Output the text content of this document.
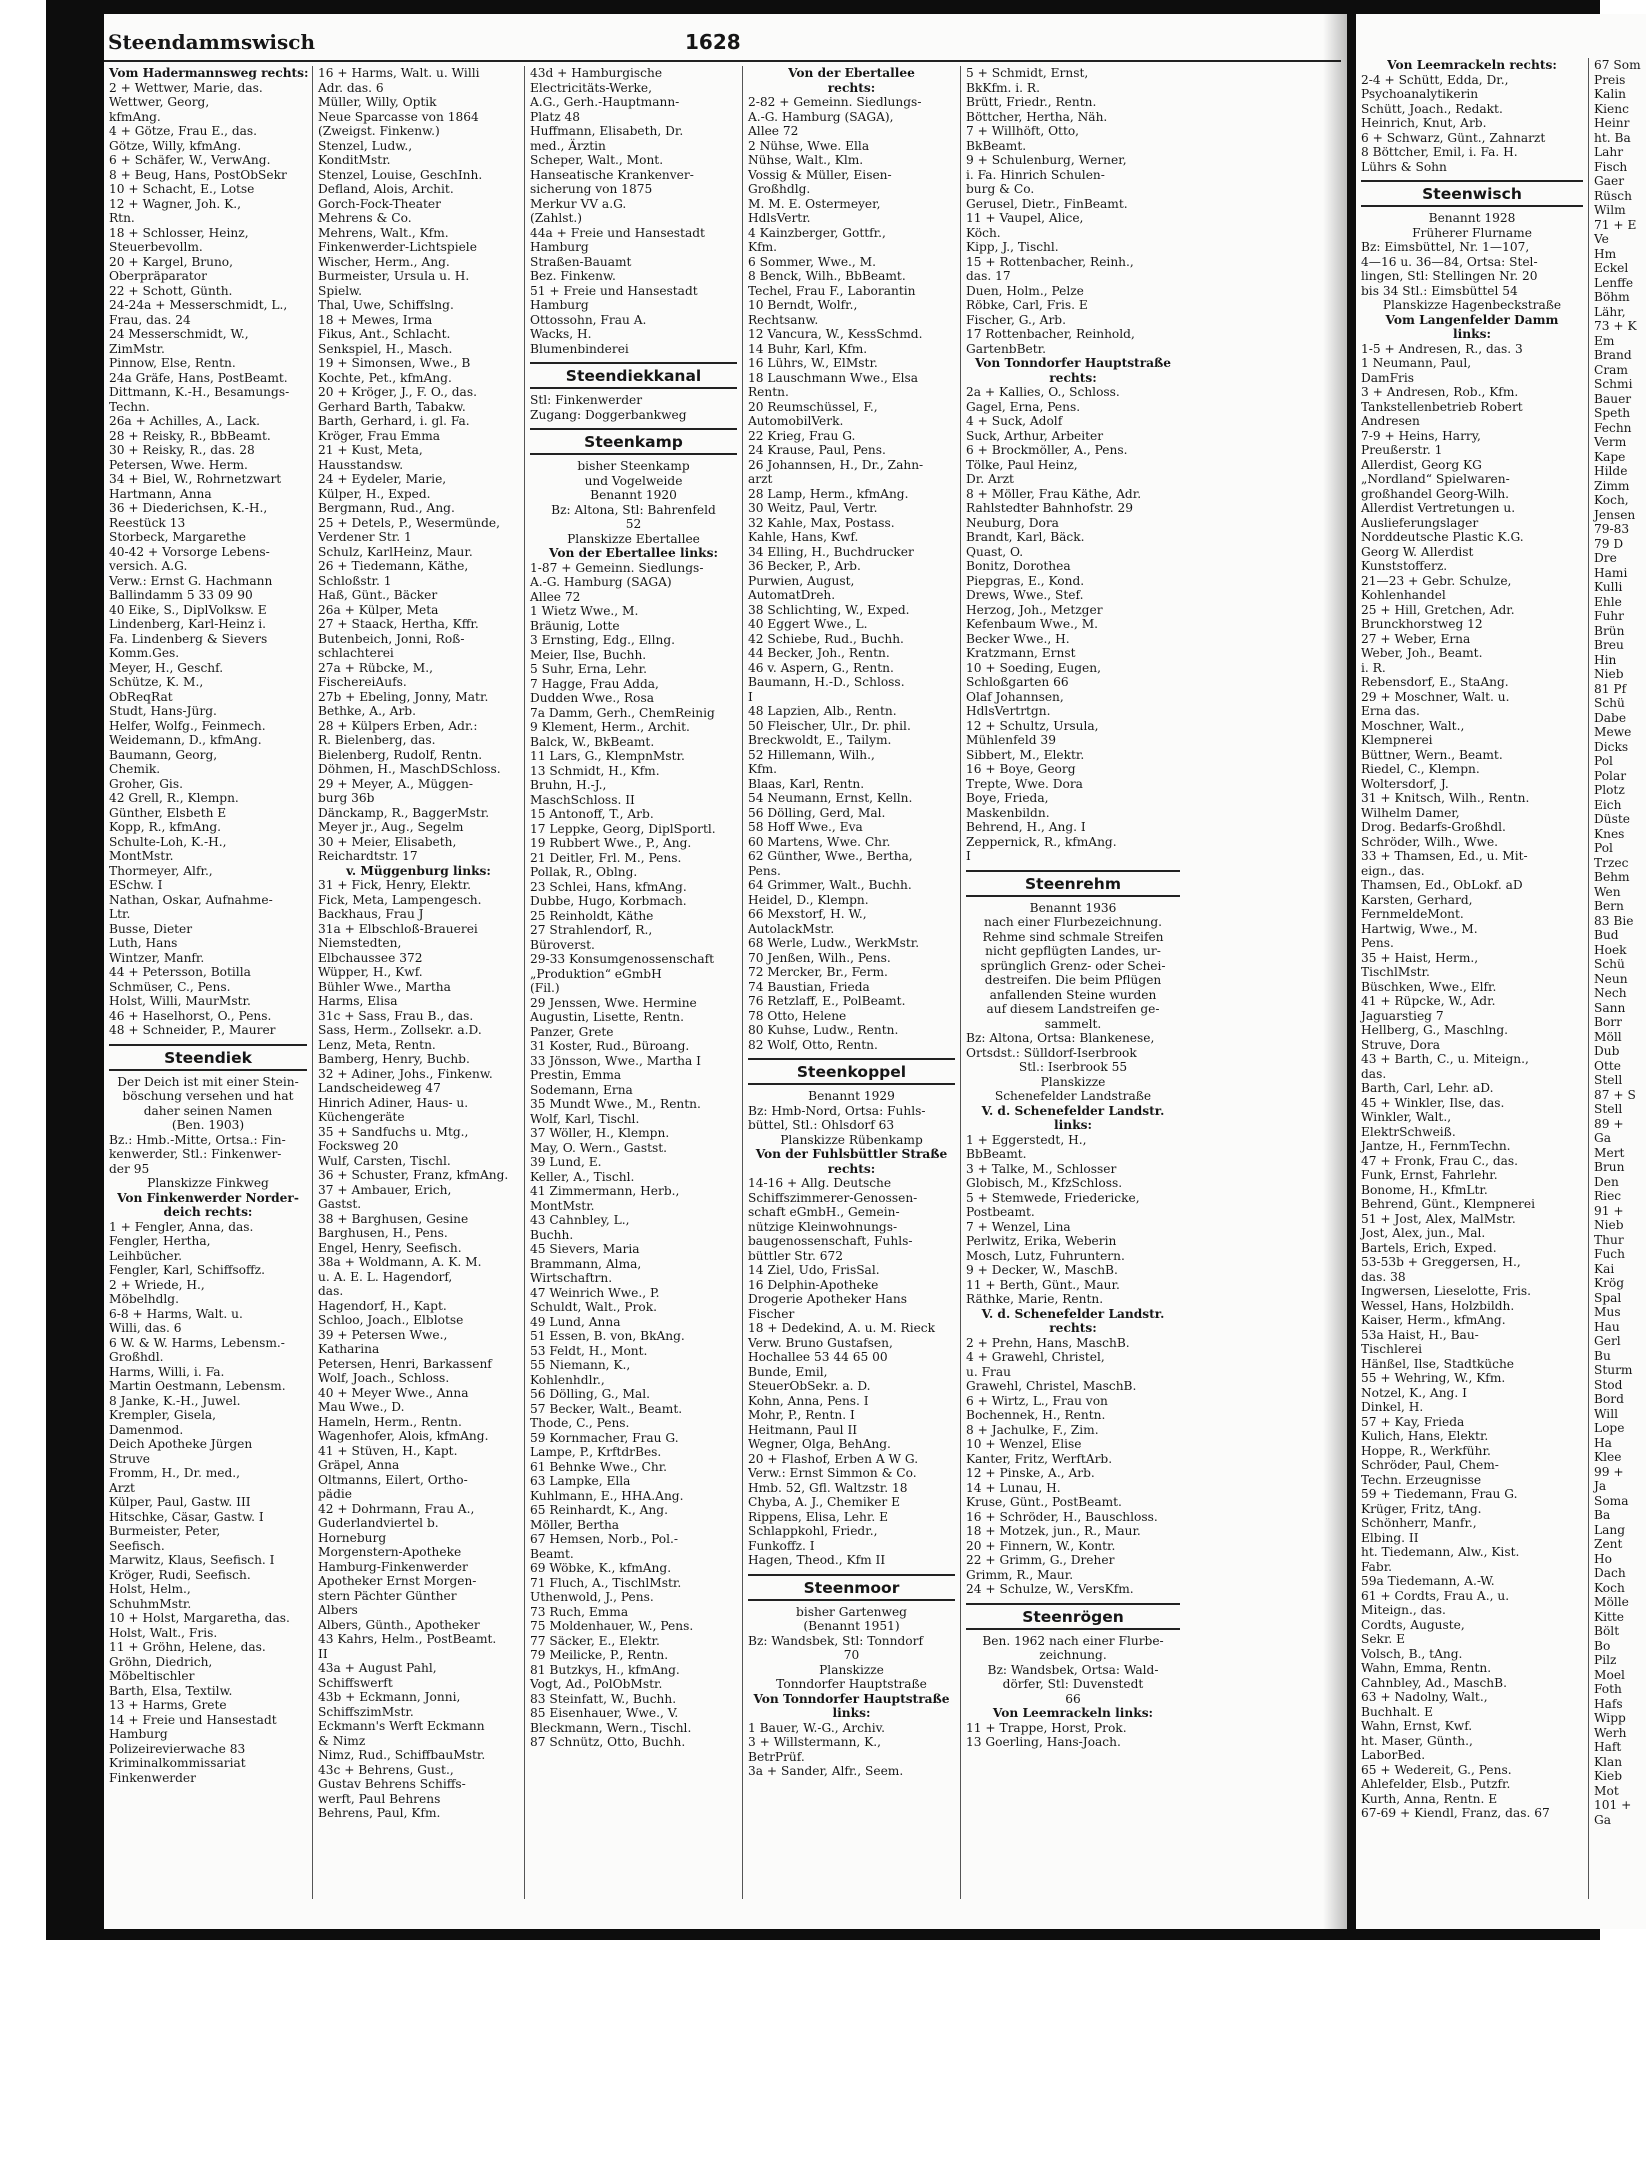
Steendammswisch	1628
Vom Hadermannsweg rechts:
2 + Wettwer, Marie, das.
Wettwer, Georg,
kfmAng.
4 + Götze, Frau E., das.
Götze, Willy, kfmAng.
6 + Schäfer, W., VerwAng.
8 + Beug, Hans, PostObSekr
10 + Schacht, E., Lotse
12 + Wagner, Joh. K.,
Rtn.
18 + Schlosser, Heinz,
Steuerbevollm.
20 + Kargel, Bruno,
Oberpräparator
22 + Schott, Günth.
24-24a + Messerschmidt, L.,
Frau, das. 24
24 Messerschmidt, W.,
ZimMstr.
Pinnow, Else, Rentn.
24a Gräfe, Hans, PostBeamt.
Dittmann, K.-H., Besamungs-
Techn.
26a + Achilles, A., Lack.
28 + Reisky, R., BbBeamt.
30 + Reisky, R., das. 28
Petersen, Wwe. Herm.
34 + Biel, W., Rohrnetzwart
Hartmann, Anna
36 + Diederichsen, K.-H.,
Reestück 13
Storbeck, Margarethe
40-42 + Vorsorge Lebens-
versich. A.G.
Verw.: Ernst G. Hachmann
Ballindamm 5 33 09 90
40 Eike, S., DiplVolksw. E
Lindenberg, Karl-Heinz i.
Fa. Lindenberg & Sievers
Komm.Ges.
Meyer, H., Geschf.
Schütze, K. M.,
ObReqRat
Studt, Hans-Jürg.
Helfer, Wolfg., Feinmech.
Weidemann, D., kfmAng.
Baumann, Georg,
Chemik.
Groher, Gis.
42 Grell, R., Klempn.
Günther, Elsbeth E
Kopp, R., kfmAng.
Schulte-Loh, K.-H.,
MontMstr.
Thormeyer, Alfr.,
ESchw. I
Nathan, Oskar, Aufnahme-
Ltr.
Busse, Dieter
Luth, Hans
Wintzer, Manfr.
44 + Petersson, Botilla
Schmüser, C., Pens.
Holst, Willi, MaurMstr.
46 + Haselhorst, O., Pens.
48 + Schneider, P., Maurer
Steendiek
Der Deich ist mit einer Stein-
böschung versehen und hat
daher seinen Namen
(Ben. 1903)
Bz.: Hmb.-Mitte, Ortsa.: Fin-
kenwerder, Stl.: Finkenwer-
der 95
Planskizze Finkweg
Von Finkenwerder Norder-
deich rechts:
1 + Fengler, Anna, das.
Fengler, Hertha,
Leihbücher.
Fengler, Karl, Schiffsoffz.
2 + Wriede, H.,
Möbelhdlg.
6-8 + Harms, Walt. u.
Willi, das. 6
6 W. & W. Harms, Lebensm.-
Großhdl.
Harms, Willi, i. Fa.
Martin Oestmann, Lebensm.
8 Janke, K.-H., Juwel.
Krempler, Gisela,
Damenmod.
Deich Apotheke Jürgen
Struve
Fromm, H., Dr. med.,
Arzt
Külper, Paul, Gastw. III
Hitschke, Cäsar, Gastw. I
Burmeister, Peter,
Seefisch.
Marwitz, Klaus, Seefisch. I
Kröger, Rudi, Seefisch.
Holst, Helm.,
SchuhmMstr.
10 + Holst, Margaretha, das.
Holst, Walt., Fris.
11 + Gröhn, Helene, das.
Gröhn, Diedrich,
Möbeltischler
Barth, Elsa, Textilw.
13 + Harms, Grete
14 + Freie und Hansestadt
Hamburg
Polizeirevierwache 83
Kriminalkommissariat
Finkenwerder
16 + Harms, Walt. u. Willi
Adr. das. 6
Müller, Willy, Optik
Neue Sparcasse von 1864
(Zweigst. Finkenw.)
Stenzel, Ludw.,
KonditMstr.
Stenzel, Louise, GeschInh.
Defland, Alois, Archit.
Gorch-Fock-Theater
Mehrens & Co.
Mehrens, Walt., Kfm.
Finkenwerder-Lichtspiele
Wischer, Herm., Ang.
Burmeister, Ursula u. H.
Spielw.
Thal, Uwe, Schiffslng.
18 + Mewes, Irma
Fikus, Ant., Schlacht.
Senkspiel, H., Masch.
19 + Simonsen, Wwe., B
Kochte, Pet., kfmAng.
20 + Kröger, J., F. O., das.
Gerhard Barth, Tabakw.
Barth, Gerhard, i. gl. Fa.
Kröger, Frau Emma
21 + Kust, Meta,
Hausstandsw.
24 + Eydeler, Marie,
Külper, H., Exped.
Bergmann, Rud., Ang.
25 + Detels, P., Wesermünde,
Verdener Str. 1
Schulz, KarlHeinz, Maur.
26 + Tiedemann, Käthe,
Schloßstr. 1
Haß, Günt., Bäcker
26a + Külper, Meta
27 + Staack, Hertha, Kffr.
Butenbeich, Jonni, Roß-
schlachterei
27a + Rübcke, M.,
FischereiAufs.
27b + Ebeling, Jonny, Matr.
Bethke, A., Arb.
28 + Külpers Erben, Adr.:
R. Bielenberg, das.
Bielenberg, Rudolf, Rentn.
Döhmen, H., MaschDSchloss.
29 + Meyer, A., Müggen-
burg 36b
Dänckamp, R., BaggerMstr.
Meyer jr., Aug., Segelm
30 + Meier, Elisabeth,
Reichardtstr. 17
v. Müggenburg links:
31 + Fick, Henry, Elektr.
Fick, Meta, Lampengesch.
Backhaus, Frau J
31a + Elbschloß-Brauerei
Niemstedten,
Elbchaussee 372
Wüpper, H., Kwf.
Bühler Wwe., Martha
Harms, Elisa
31c + Sass, Frau B., das.
Sass, Herm., Zollsekr. a.D.
Lenz, Meta, Rentn.
Bamberg, Henry, Buchb.
32 + Adiner, Johs., Finkenw.
Landscheideweg 47
Hinrich Adiner, Haus- u.
Küchengeräte
35 + Sandfuchs u. Mtg.,
Focksweg 20
Wulf, Carsten, Tischl.
36 + Schuster, Franz, kfmAng.
37 + Ambauer, Erich,
Gastst.
38 + Barghusen, Gesine
Barghusen, H., Pens.
Engel, Henry, Seefisch.
38a + Woldmann, A. K. M.
u. A. E. L. Hagendorf,
das.
Hagendorf, H., Kapt.
Schloo, Joach., Elblotse
39 + Petersen Wwe.,
Katharina
Petersen, Henri, Barkassenf
Wolf, Joach., Schloss.
40 + Meyer Wwe., Anna
Mau Wwe., D.
Hameln, Herm., Rentn.
Wagenhofer, Alois, kfmAng.
41 + Stüven, H., Kapt.
Gräpel, Anna
Oltmanns, Eilert, Ortho-
pädie
42 + Dohrmann, Frau A.,
Guderlandviertel b.
Horneburg
Morgenstern-Apotheke
Hamburg-Finkenwerder
Apotheker Ernst Morgen-
stern Pächter Günther
Albers
Albers, Günth., Apotheker
43 Kahrs, Helm., PostBeamt.
II
43a + August Pahl,
Schiffswerft
43b + Eckmann, Jonni,
SchiffszimMstr.
Eckmann's Werft Eckmann
& Nimz
Nimz, Rud., SchiffbauMstr.
43c + Behrens, Gust.,
Gustav Behrens Schiffs-
werft, Paul Behrens
Behrens, Paul, Kfm.
43d + Hamburgische
Electricitäts-Werke,
A.G., Gerh.-Hauptmann-
Platz 48
Huffmann, Elisabeth, Dr.
med., Ärztin
Scheper, Walt., Mont.
Hanseatische Krankenver-
sicherung von 1875
Merkur VV a.G.
(Zahlst.)
44a + Freie und Hansestadt
Hamburg
Straßen-Bauamt
Bez. Finkenw.
51 + Freie und Hansestadt
Hamburg
Ottossohn, Frau A.
Wacks, H.
Blumenbinderei
Steendiekkanal
Stl: Finkenwerder
Zugang: Doggerbankweg
Steenkamp
bisher Steenkamp
und Vogelweide
Benannt 1920
Bz: Altona, Stl: Bahrenfeld
52
Planskizze Ebertallee
Von der Ebertallee links:
1-87 + Gemeinn. Siedlungs-
A.-G. Hamburg (SAGA)
Allee 72
1 Wietz Wwe., M.
Bräunig, Lotte
3 Ernsting, Edg., Ellng.
Meier, Ilse, Buchh.
5 Suhr, Erna, Lehr.
7 Hagge, Frau Adda,
Dudden Wwe., Rosa
7a Damm, Gerh., ChemReinig
9 Klement, Herm., Archit.
Balck, W., BkBeamt.
11 Lars, G., KlempnMstr.
13 Schmidt, H., Kfm.
Bruhn, H.-J.,
MaschSchloss. II
15 Antonoff, T., Arb.
17 Leppke, Georg, DiplSportl.
19 Rubbert Wwe., P., Ang.
21 Deitler, Frl. M., Pens.
Pollak, R., Oblng.
23 Schlei, Hans, kfmAng.
Dubbe, Hugo, Korbmach.
25 Reinholdt, Käthe
27 Strahlendorf, R.,
Büroverst.
29-33 Konsumgenossenschaft
„Produktion“ eGmbH
(Fil.)
29 Jenssen, Wwe. Hermine
Augustin, Lisette, Rentn.
Panzer, Grete
31 Koster, Rud., Büroang.
33 Jönsson, Wwe., Martha I
Prestin, Emma
Sodemann, Erna
35 Mundt Wwe., M., Rentn.
Wolf, Karl, Tischl.
37 Wöller, H., Klempn.
May, O. Wern., Gastst.
39 Lund, E.
Keller, A., Tischl.
41 Zimmermann, Herb.,
MontMstr.
43 Cahnbley, L.,
Buchh.
45 Sievers, Maria
Brammann, Alma,
Wirtschaftrn.
47 Weinrich Wwe., P.
Schuldt, Walt., Prok.
49 Lund, Anna
51 Essen, B. von, BkAng.
53 Feldt, H., Mont.
55 Niemann, K.,
Kohlenhdlr.,
56 Dölling, G., Mal.
57 Becker, Walt., Beamt.
Thode, C., Pens.
59 Kornmacher, Frau G.
Lampe, P., KrftdrBes.
61 Behnke Wwe., Chr.
63 Lampke, Ella
Kuhlmann, E., HHA.Ang.
65 Reinhardt, K., Ang.
Möller, Bertha
67 Hemsen, Norb., Pol.-
Beamt.
69 Wöbke, K., kfmAng.
71 Fluch, A., TischlMstr.
Uthenwold, J., Pens.
73 Ruch, Emma
75 Moldenhauer, W., Pens.
77 Säcker, E., Elektr.
79 Meilicke, P., Rentn.
81 Butzkys, H., kfmAng.
Vogt, Ad., PolObMstr.
83 Steinfatt, W., Buchh.
85 Eisenhauer, Wwe., V.
Bleckmann, Wern., Tischl.
87 Schnütz, Otto, Buchh.
Von der Ebertallee
rechts:
2-82 + Gemeinn. Siedlungs-
A.-G. Hamburg (SAGA),
Allee 72
2 Nühse, Wwe. Ella
Nühse, Walt., Klm.
Vossig & Müller, Eisen-
Großhdlg.
M. M. E. Ostermeyer,
HdlsVertr.
4 Kainzberger, Gottfr.,
Kfm.
6 Sommer, Wwe., M.
8 Benck, Wilh., BbBeamt.
Techel, Frau F., Laborantin
10 Berndt, Wolfr.,
Rechtsanw.
12 Vancura, W., KessSchmd.
14 Buhr, Karl, Kfm.
16 Lührs, W., ElMstr.
18 Lauschmann Wwe., Elsa
Rentn.
20 Reumschüssel, F.,
AutomobilVerk.
22 Krieg, Frau G.
24 Krause, Paul, Pens.
26 Johannsen, H., Dr., Zahn-
arzt
28 Lamp, Herm., kfmAng.
30 Weitz, Paul, Vertr.
32 Kahle, Max, Postass.
Kahle, Hans, Kwf.
34 Elling, H., Buchdrucker
36 Becker, P., Arb.
Purwien, August,
AutomatDreh.
38 Schlichting, W., Exped.
40 Eggert Wwe., L.
42 Schiebe, Rud., Buchh.
44 Becker, Joh., Rentn.
46 v. Aspern, G., Rentn.
Baumann, H.-D., Schloss.
I
48 Lapzien, Alb., Rentn.
50 Fleischer, Ulr., Dr. phil.
Breckwoldt, E., Tailym.
52 Hillemann, Wilh.,
Kfm.
Blaas, Karl, Rentn.
54 Neumann, Ernst, Kelln.
56 Dölling, Gerd, Mal.
58 Hoff Wwe., Eva
60 Martens, Wwe. Chr.
62 Günther, Wwe., Bertha,
Pens.
64 Grimmer, Walt., Buchh.
Heidel, D., Klempn.
66 Mexstorf, H. W.,
AutolackMstr.
68 Werle, Ludw., WerkMstr.
70 Jenßen, Wilh., Pens.
72 Mercker, Br., Ferm.
74 Baustian, Frieda
76 Retzlaff, E., PolBeamt.
78 Otto, Helene
80 Kuhse, Ludw., Rentn.
82 Wolf, Otto, Rentn.
Steenkoppel
Benannt 1929
Bz: Hmb-Nord, Ortsa: Fuhls-
büttel, Stl.: Ohlsdorf 63
Planskizze Rübenkamp
Von der Fuhlsbüttler Straße
rechts:
14-16 + Allg. Deutsche
Schiffszimmerer-Genossen-
schaft eGmbH., Gemein-
nützige Kleinwohnungs-
baugenossenschaft, Fuhls-
büttler Str. 672
14 Ziel, Udo, FrisSal.
16 Delphin-Apotheke
Drogerie Apotheker Hans
Fischer
18 + Dedekind, A. u. M. Rieck
Verw. Bruno Gustafsen,
Hochallee 53 44 65 00
Bunde, Emil,
SteuerObSekr. a. D.
Kohn, Anna, Pens. I
Mohr, P., Rentn. I
Heitmann, Paul II
Wegner, Olga, BehAng.
20 + Flashof, Erben A W G.
Verw.: Ernst Simmon & Co.
Hmb. 52, Gfl. Waltzstr. 18
Chyba, A. J., Chemiker E
Rippens, Elisa, Lehr. E
Schlappkohl, Friedr.,
Funkoffz. I
Hagen, Theod., Kfm II
Steenmoor
bisher Gartenweg
(Benannt 1951)
Bz: Wandsbek, Stl: Tonndorf
70
Planskizze
Tonndorfer Hauptstraße
Von Tonndorfer Hauptstraße
links:
1 Bauer, W.-G., Archiv.
3 + Willstermann, K.,
BetrPrüf.
3a + Sander, Alfr., Seem.
5 + Schmidt, Ernst,
BkKfm. i. R.
Brütt, Friedr., Rentn.
Böttcher, Hertha, Näh.
7 + Willhöft, Otto,
BkBeamt.
9 + Schulenburg, Werner,
i. Fa. Hinrich Schulen-
burg & Co.
Gerusel, Dietr., FinBeamt.
11 + Vaupel, Alice,
Köch.
Kipp, J., Tischl.
15 + Rottenbacher, Reinh.,
das. 17
Duen, Holm., Pelze
Röbke, Carl, Fris. E
Fischer, G., Arb.
17 Rottenbacher, Reinhold,
GartenbBetr.
Von Tonndorfer Hauptstraße
rechts:
2a + Kallies, O., Schloss.
Gagel, Erna, Pens.
4 + Suck, Adolf
Suck, Arthur, Arbeiter
6 + Brockmöller, A., Pens.
Tölke, Paul Heinz,
Dr. Arzt
8 + Möller, Frau Käthe, Adr.
Rahlstedter Bahnhofstr. 29
Neuburg, Dora
Brandt, Karl, Bäck.
Quast, O.
Bonitz, Dorothea
Piepgras, E., Kond.
Drews, Wwe., Stef.
Herzog, Joh., Metzger
Kefenbaum Wwe., M.
Becker Wwe., H.
Kratzmann, Ernst
10 + Soeding, Eugen,
Schloßgarten 66
Olaf Johannsen,
HdlsVertrtgn.
12 + Schultz, Ursula,
Mühlenfeld 39
Sibbert, M., Elektr.
16 + Boye, Georg
Trepte, Wwe. Dora
Boye, Frieda,
Maskenbildn.
Behrend, H., Ang. I
Zeppernick, R., kfmAng.
I
Steenrehm
Benannt 1936
nach einer Flurbezeichnung.
Rehme sind schmale Streifen
nicht gepflügten Landes, ur-
sprünglich Grenz- oder Schei-
destreifen. Die beim Pflügen
anfallenden Steine wurden
auf diesem Landstreifen ge-
sammelt.
Bz: Altona, Ortsa: Blankenese,
Ortsdst.: Sülldorf-Iserbrook
Stl.: Iserbrook 55
Planskizze
Schenefelder Landstraße
V. d. Schenefelder Landstr.
links:
1 + Eggerstedt, H.,
BbBeamt.
3 + Talke, M., Schlosser
Globisch, M., KfzSchloss.
5 + Stemwede, Friedericke,
Postbeamt.
7 + Wenzel, Lina
Perlwitz, Erika, Weberin
Mosch, Lutz, Fuhruntern.
9 + Decker, W., MaschB.
11 + Berth, Günt., Maur.
Räthke, Marie, Rentn.
V. d. Schenefelder Landstr.
rechts:
2 + Prehn, Hans, MaschB.
4 + Grawehl, Christel,
u. Frau
Grawehl, Christel, MaschB.
6 + Wirtz, L., Frau von
Bochennek, H., Rentn.
8 + Jachulke, F., Zim.
10 + Wenzel, Elise
Kanter, Fritz, WerftArb.
12 + Pinske, A., Arb.
14 + Lunau, H.
Kruse, Günt., PostBeamt.
16 + Schröder, H., Bauschloss.
18 + Motzek, jun., R., Maur.
20 + Finnern, W., Kontr.
22 + Grimm, G., Dreher
Grimm, R., Maur.
24 + Schulze, W., VersKfm.
Steenrögen
Ben. 1962 nach einer Flurbe-
zeichnung.
Bz: Wandsbek, Ortsa: Wald-
dörfer, Stl: Duvenstedt
66
Von Leemrackeln links:
11 + Trappe, Horst, Prok.
13 Goerling, Hans-Joach.
Von Leemrackeln rechts:
2-4 + Schütt, Edda, Dr.,
Psychoanalytikerin
Schütt, Joach., Redakt.
Heinrich, Knut, Arb.
6 + Schwarz, Günt., Zahnarzt
8 Böttcher, Emil, i. Fa. H.
Lührs & Sohn
Steenwisch
Benannt 1928
Früherer Flurname
Bz: Eimsbüttel, Nr. 1—107,
4—16 u. 36—84, Ortsa: Stel-
lingen, Stl: Stellingen Nr. 20
bis 34 Stl.: Eimsbüttel 54
Planskizze Hagenbeckstraße
Vom Langenfelder Damm
links:
1-5 + Andresen, R., das. 3
1 Neumann, Paul,
DamFris
3 + Andresen, Rob., Kfm.
Tankstellenbetrieb Robert
Andresen
7-9 + Heins, Harry,
Preußerstr. 1
Allerdist, Georg KG
„Nordland“ Spielwaren-
großhandel Georg-Wilh.
Allerdist Vertretungen u.
Auslieferungslager
Norddeutsche Plastic K.G.
Georg W. Allerdist
Kunststofferz.
21—23 + Gebr. Schulze,
Kohlenhandel
25 + Hill, Gretchen, Adr.
Brunckhorstweg 12
27 + Weber, Erna
Weber, Joh., Beamt.
i. R.
Rebensdorf, E., StaAng.
29 + Moschner, Walt. u.
Erna das.
Moschner, Walt.,
Klempnerei
Büttner, Wern., Beamt.
Riedel, C., Klempn.
Woltersdorf, J.
31 + Knitsch, Wilh., Rentn.
Wilhelm Damer,
Drog. Bedarfs-Großhdl.
Schröder, Wilh., Wwe.
33 + Thamsen, Ed., u. Mit-
eign., das.
Thamsen, Ed., ObLokf. aD
Karsten, Gerhard,
FernmeldeMont.
Hartwig, Wwe., M.
Pens.
35 + Haist, Herm.,
TischlMstr.
Büschken, Wwe., Elfr.
41 + Rüpcke, W., Adr.
Jaguarstieg 7
Hellberg, G., Maschlng.
Struve, Dora
43 + Barth, C., u. Miteign.,
das.
Barth, Carl, Lehr. aD.
45 + Winkler, Ilse, das.
Winkler, Walt.,
ElektrSchweiß.
Jantze, H., FernmTechn.
47 + Fronk, Frau C., das.
Funk, Ernst, Fahrlehr.
Bonome, H., KfmLtr.
Behrend, Günt., Klempnerei
51 + Jost, Alex, MalMstr.
Jost, Alex, jun., Mal.
Bartels, Erich, Exped.
53-53b + Greggersen, H.,
das. 38
Ingwersen, Lieselotte, Fris.
Wessel, Hans, Holzbildh.
Kaiser, Herm., kfmAng.
53a Haist, H., Bau-
Tischlerei
Hänßel, Ilse, Stadtküche
55 + Wehring, W., Kfm.
Notzel, K., Ang. I
Dinkel, H.
57 + Kay, Frieda
Kulich, Hans, Elektr.
Hoppe, R., Werkführ.
Schröder, Paul, Chem-
Techn. Erzeugnisse
59 + Tiedemann, Frau G.
Krüger, Fritz, tAng.
Schönherr, Manfr.,
Elbing. II
ht. Tiedemann, Alw., Kist.
Fabr.
59a Tiedemann, A.-W.
61 + Cordts, Frau A., u.
Miteign., das.
Cordts, Auguste,
Sekr. E
Volsch, B., tAng.
Wahn, Emma, Rentn.
Cahnbley, Ad., MaschB.
63 + Nadolny, Walt.,
Buchhalt. E
Wahn, Ernst, Kwf.
ht. Maser, Günth.,
LaborBed.
65 + Wedereit, G., Pens.
Ahlefelder, Elsb., Putzfr.
Kurth, Anna, Rentn. E
67-69 + Kiendl, Franz, das. 67
67 Som
Preis
Kalin
Kienc
Heinr
ht. Ba
Lahr
Fisch
Gaer
Rüsch
Wilm
71 + E
Ve
Hm
Eckel
Lenffe
Böhm
Lähr,
73 + K
Em
Brand
Cram
Schmi
Bauer
Speth
Fechn
Verm
Kape
Hilde
Zimm
Koch,
Jensen
79-83
79 D
Dre
Hami
Kulli
Ehle
Fuhr
Brün
Breu
Hin
Nieb
81 Pf
Schü
Dabe
Mewe
Dicks
Pol
Polar
Plotz
Eich
Düste
Knes
Pol
Trzec
Behm
Wen
Bern
83 Bie
Bud
Hoek
Schü
Neun
Nech
Sann
Borr
Möll
Dub
Otte
Stell
87 + S
Stell
89 +
Ga
Mert
Brun
Den
Riec
91 +
Nieb
Thur
Fuch
Kai
Krög
Spal
Mus
Hau
Gerl
Bu
Sturm
Stod
Bord
Will
Lope
Ha
Klee
99 +
Ja
Soma
Ba
Lang
Zent
Ho
Dach
Koch
Mölle
Kitte
Bölt
Bo
Pilz
Moel
Foth
Hafs
Wipp
Werh
Haft
Klan
Kieb
Mot
101 +
Ga
